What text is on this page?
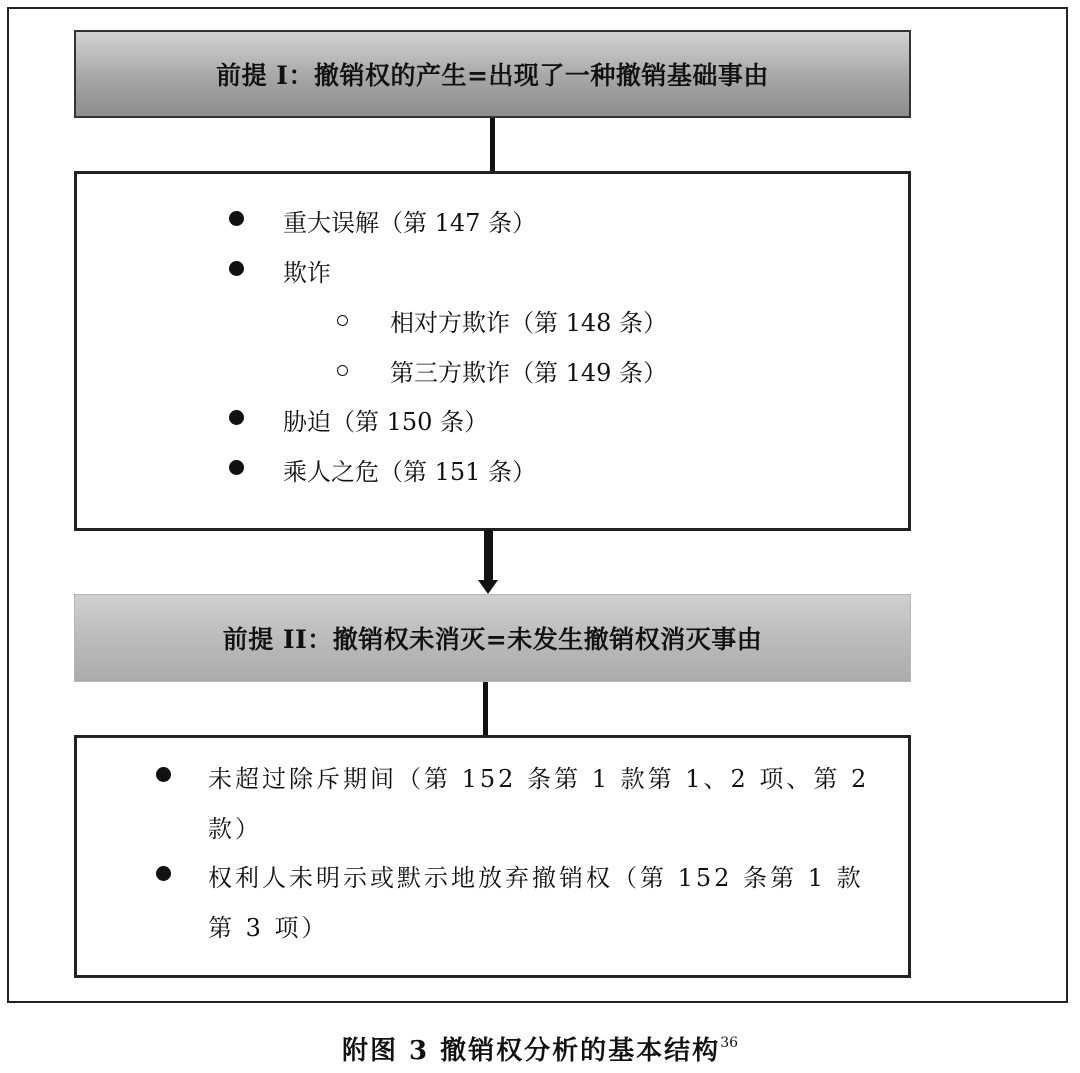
前提 I：撤销权的产生=出现了一种撤销基础事由
重大误解（第 147 条）
欺诈
相对方欺诈（第 148 条）
第三方欺诈（第 149 条）
胁迫（第 150 条）
乘人之危（第 151 条）
前提 II：撤销权未消灭=未发生撤销权消灭事由
未超过除斥期间（第 152 条第 1 款第 1、2 项、第 2
款）
权利人未明示或默示地放弃撤销权（第 152 条第 1 款
第 3 项）
附图 3 撤销权分析的基本结构$^{36}$
